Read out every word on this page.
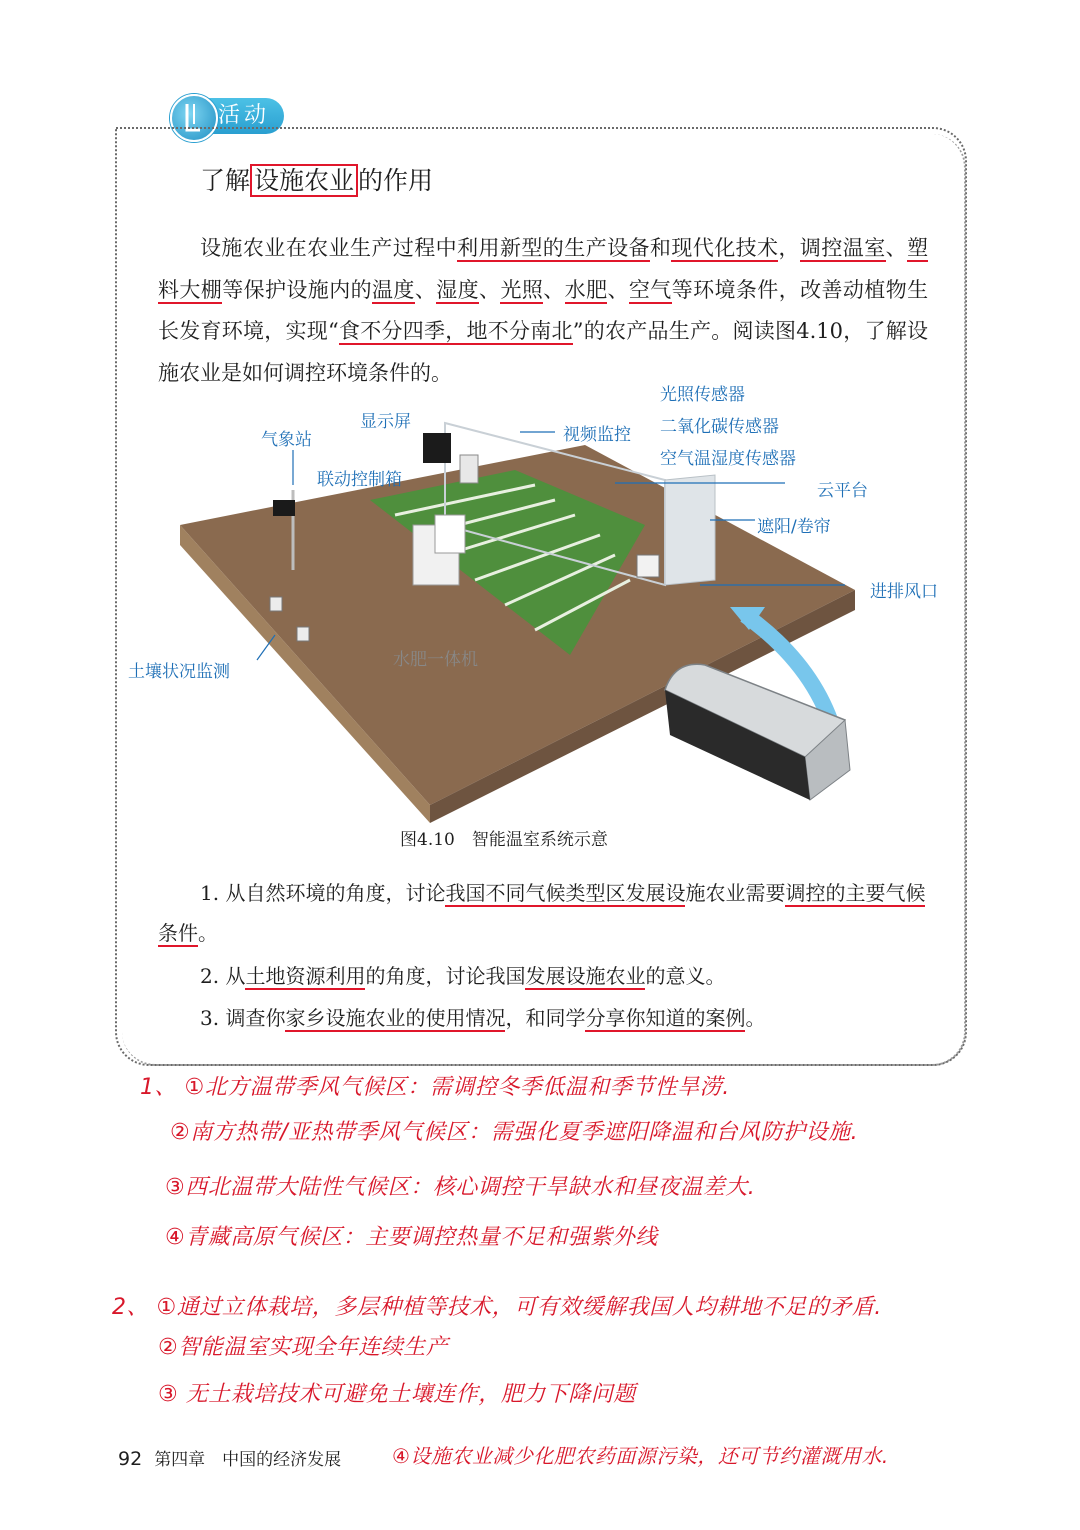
活动
了解 设施农业 的作用

设施农业在农业生产过程中利用新型的生产设备和现代化技术，调控温室、塑料大棚等保护设施内的温度、湿度、光照、水肥、空气等环境条件，改善动植物生长发育环境，实现“食不分四季，地不分南北”的农产品生产。阅读图4.10，了解设施农业是如何调控环境条件的。

显示屏
气象站	视频监控
光照传感器
二氧化碳传感器
空气温湿度传感器
联动控制箱
云平台
遮阳/卷帘
进排风口
土壤状况监测
水肥一体机
图4.10　智能温室系统示意

1. 从自然环境的角度，讨论我国不同气候类型区发展设施农业需要调控的主要气候条件。

2. 从土地资源利用的角度，讨论我国发展设施农业的意义。

3. 调查你家乡设施农业的使用情况，和同学分享你知道的案例。

1、 ①北方温带季风气候区：需调控冬季低温和季节性旱涝.
②南方热带/亚热带季风气候区：需强化夏季遮阳降温和台风防护设施.
③西北温带大陆性气候区：核心调控干旱缺水和昼夜温差大.
④青藏高原气候区：主要调控热量不足和强紫外线
2、 ①通过立体栽培，多层种植等技术，可有效缓解我国人均耕地不足的矛盾.
②智能温室实现全年连续生产
③ 无土栽培技术可避免土壤连作，肥力下降问题
④设施农业减少化肥农药面源污染，还可节约灌溉用水.
92 第四章　中国的经济发展
